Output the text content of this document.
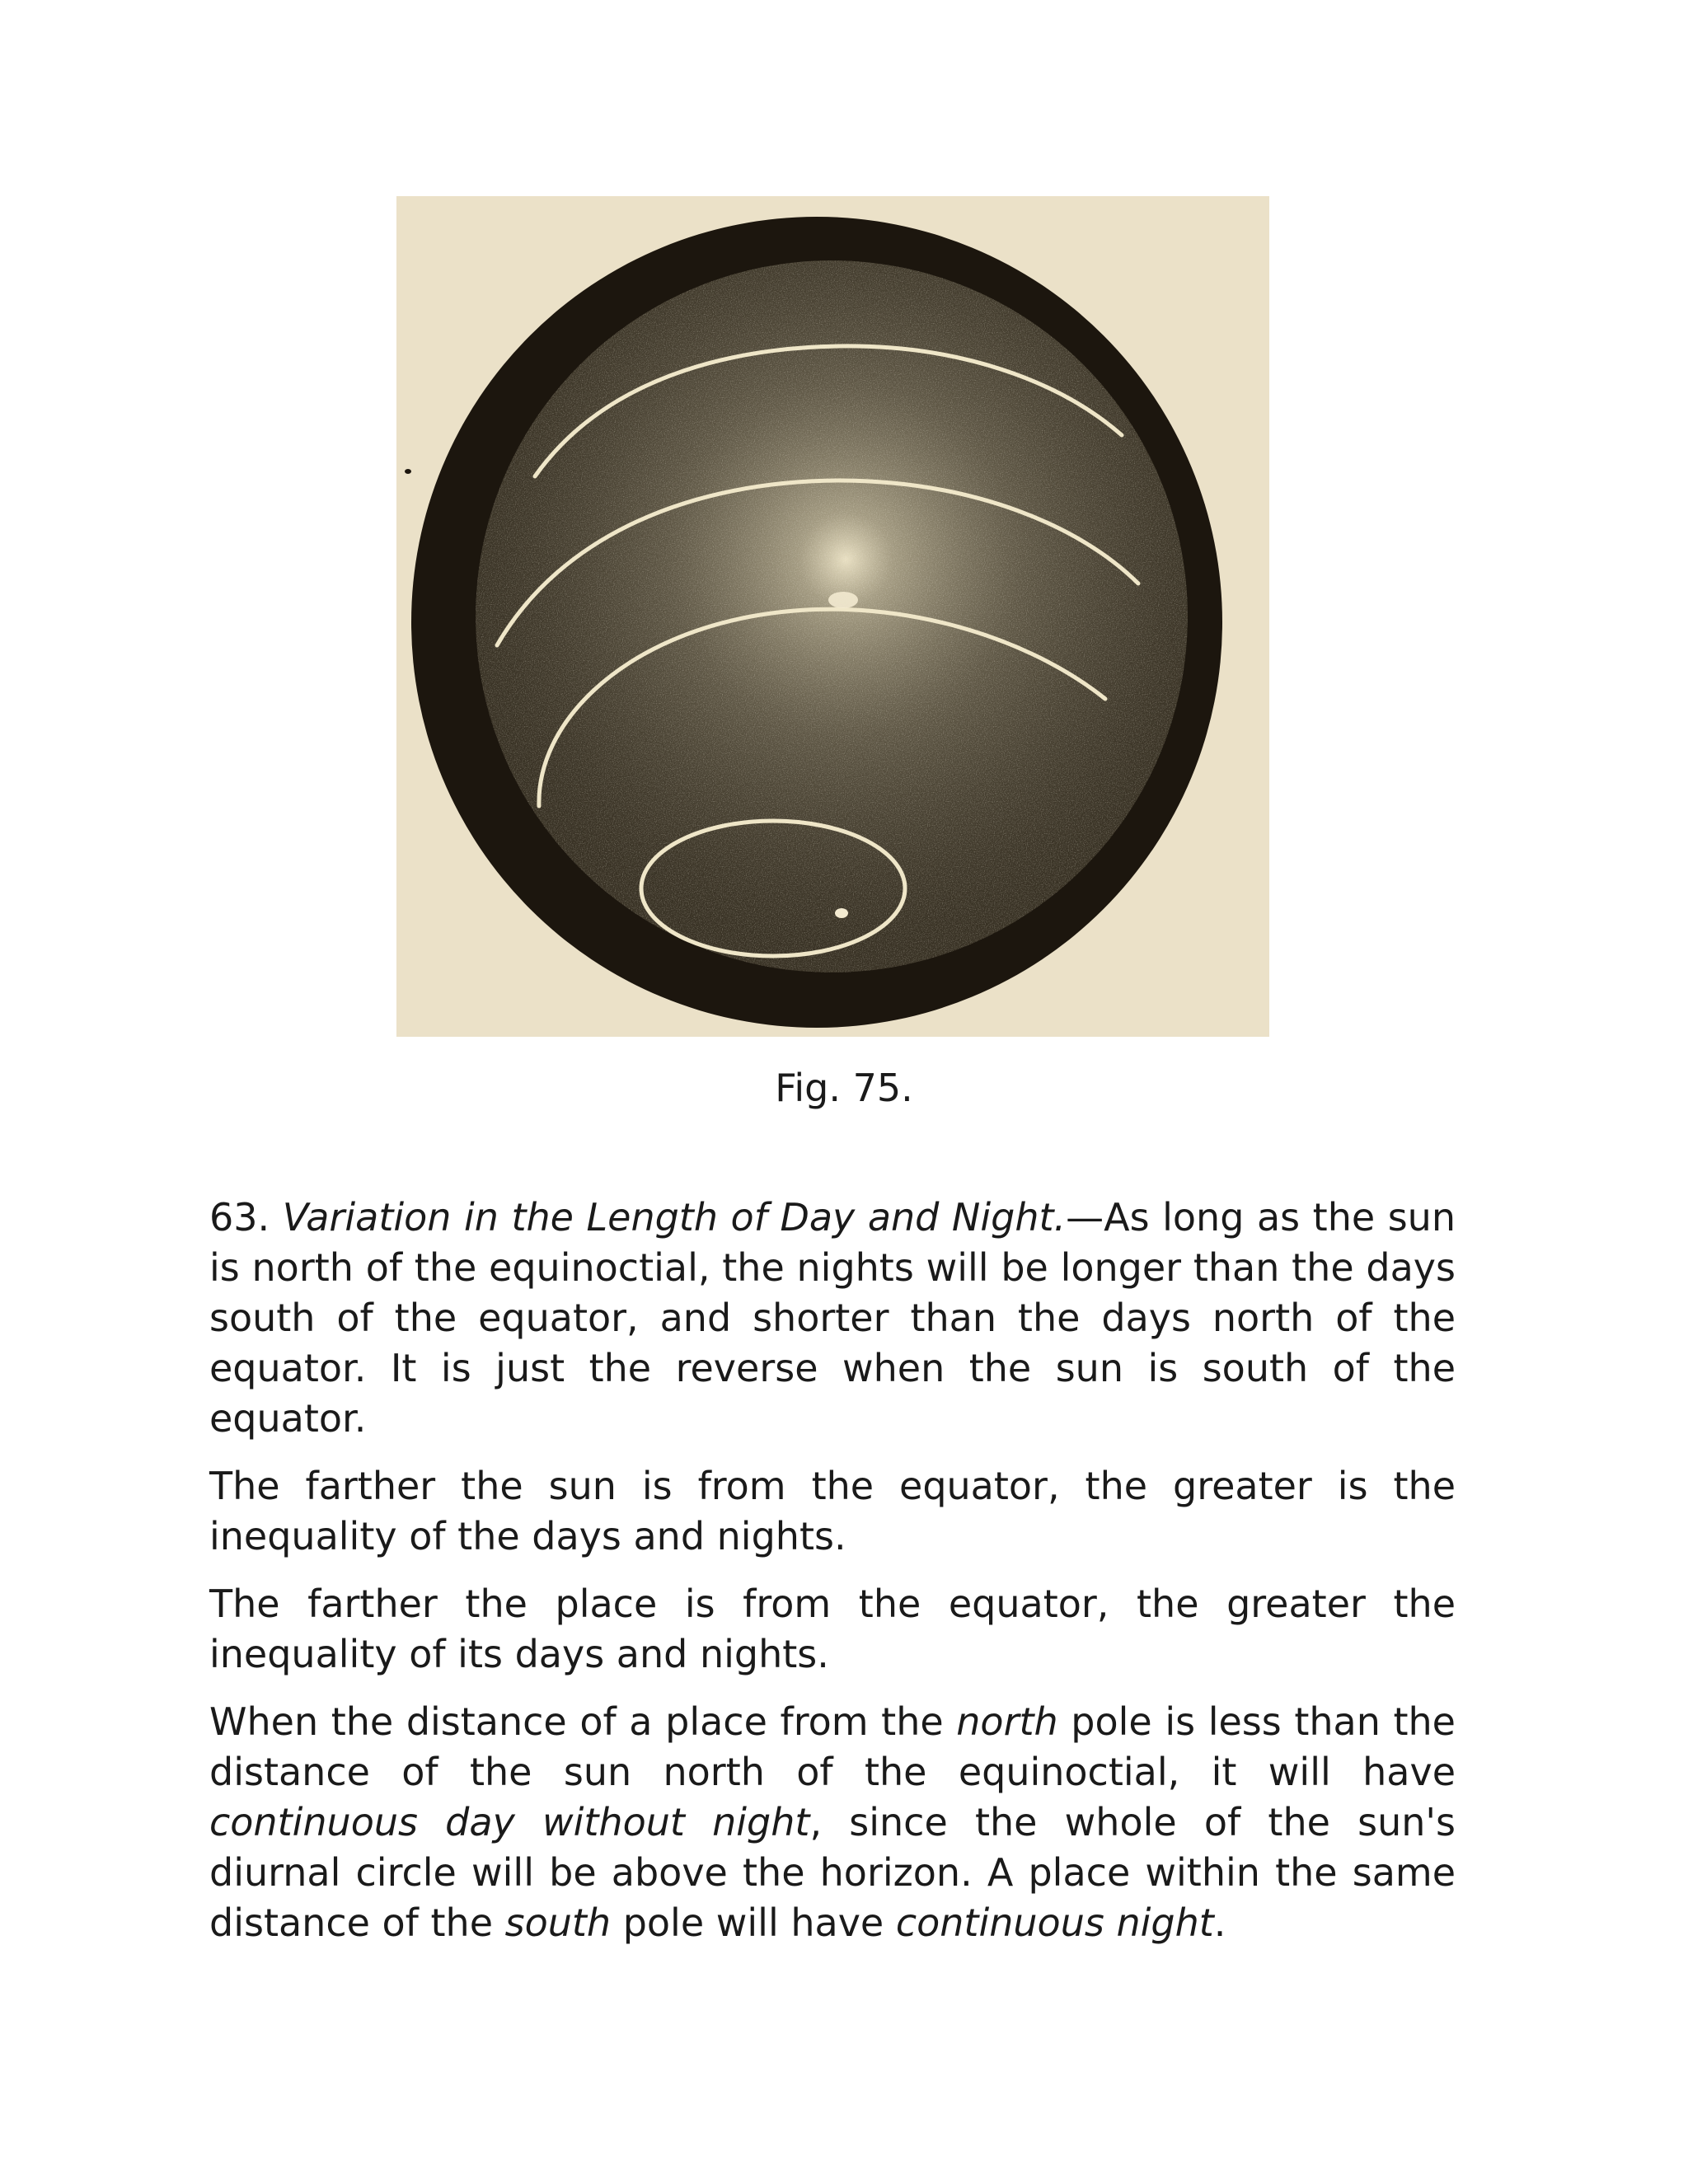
Fig. 75.

63. Variation in the Length of Day and Night.—As long as the sun is north of the equinoctial, the nights will be longer than the days south of the equator, and shorter than the days north of the equator. It is just the reverse when the sun is south of the equator.

The farther the sun is from the equator, the greater is the inequality of the days and nights.

The farther the place is from the equator, the greater the inequality of its days and nights.

When the distance of a place from the north pole is less than the distance of the sun north of the equinoctial, it will have continuous day without night, since the whole of the sun's diurnal circle will be above the horizon. A place within the same distance of the south pole will have continuous night.
